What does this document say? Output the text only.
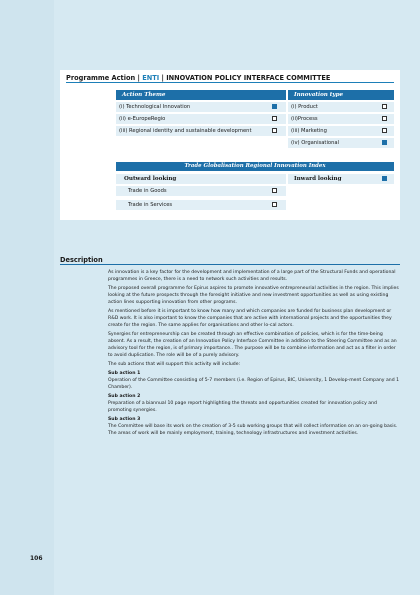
Programme Action | ENTI | INNOVATION POLICY INTERFACE COMMITTEE
Action Theme
(i) Technological Innovation
(ii) e-EuropeRegio
(iii) Regional identity and sustainable development
Innovation type
(i) Product
(ii)Process
(iii) Marketing
(iv) Organisational
Trade Globalisation Regional Innovation Index
Outward looking	Inward looking
Trade in Goods
Trade in Services
Description

As innovation is a key factor for the development and implementation of a large part of the Structural Funds and operational programmes in Greece, there is a need to network such activities and results.

The proposed overall programme for Epirus aspires to promote innovative entrepreneurial activities in the region. This implies looking at the future prospects through the foresight initiative and new investment opportunities as well as using existing action lines supporting innovation from other programs.

As mentioned before it is important to know how many and which companies are funded for business plan development or R&D work. It is also important to know the companies that are active with international projects and the opportunities they create for the region. The same applies for organisations and other lo-cal actors.

Synergies for entrepreneurship can be created through an effective combination of policies, which is for the time-being absent. As a result, the creation of an Innovation Policy Interface Committee in addition to the Steering Committee and as an advisory tool for the region, is of primary importance.. The purpose will be to combine information and act as a filter in order to avoid duplication. The role will be of a purely advisory.

The sub actions that will support this activity will include:

Sub action 1

Operation of the Committee consisting of 5-7 members (i.e. Region of Epirus, BIC, University, 1 Develop-ment Company and 1 Chamber).

Sub action 2

Preparation of a biannual 10 page report highlighting the threats and opportunities created for innovation policy and promoting synergies.

Sub action 3

The Committee will base its work on the creation of 3-5 sub working groups that will collect information on an on-going basis. The areas of work will be mainly employment, training, technology infrastructures and investment activities.

106
